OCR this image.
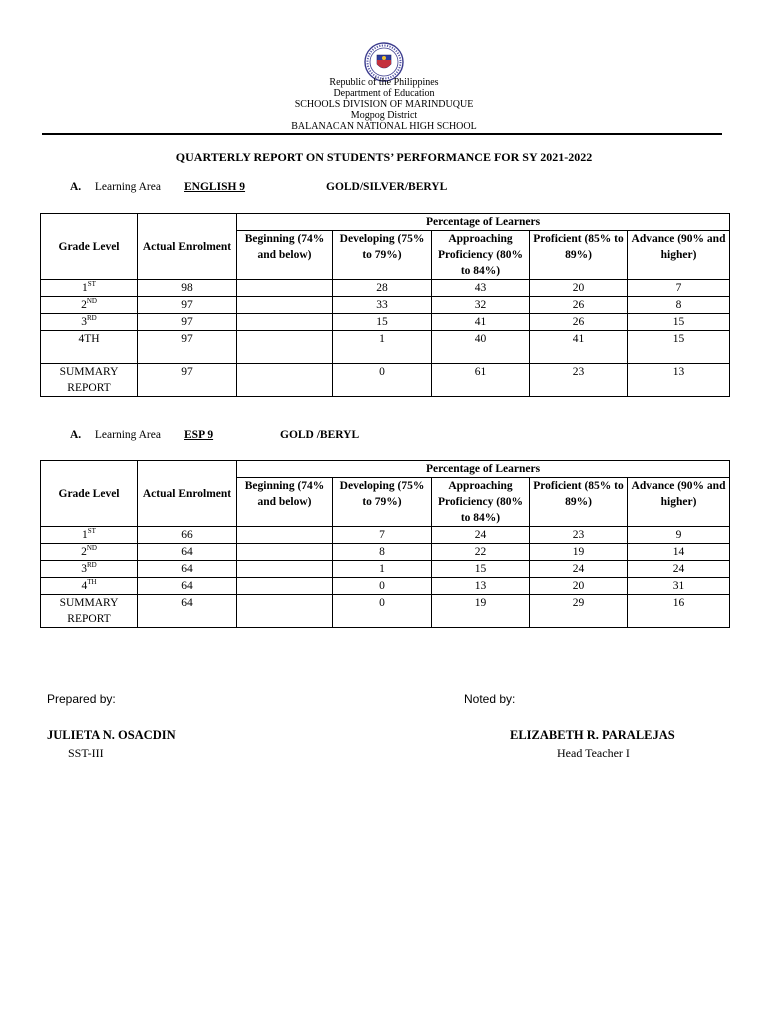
Republic of the Philippines
Department of Education
SCHOOLS DIVISION OF MARINDUQUE
Mogpog District
BALANACAN NATIONAL HIGH SCHOOL
QUARTERLY REPORT ON STUDENTS’ PERFORMANCE FOR SY 2021-2022
A. Learning Area ENGLISH 9	GOLD/SILVER/BERYL
Grade Level	Actual Enrolment	Percentage of Learners				
		Beginning (74% and below)	Developing (75% to 79%)	Approaching Proficiency (80% to 84%)	Proficient (85% to 89%)	Advance (90% and higher)
1ST	98		28	43	20	7
2ND	97		33	32	26	8
3RD	97		15	41	26	15
4TH	97		1	40	41	15
SUMMARY REPORT	97		0	61	23	13
A. Learning Area ESP 9	GOLD /BERYL
Grade Level	Actual Enrolment	Percentage of Learners				
		Beginning (74% and below)	Developing (75% to 79%)	Approaching Proficiency (80% to 84%)	Proficient (85% to 89%)	Advance (90% and higher)
1ST	66		7	24	23	9
2ND	64		8	22	19	14
3RD	64		1	15	24	24
4TH	64		0	13	20	31
SUMMARY REPORT	64		0	19	29	16
Prepared by:	Noted by:
JULIETA N. OSACDIN	ELIZABETH R. PARALEJAS
SST-III	Head Teacher I
